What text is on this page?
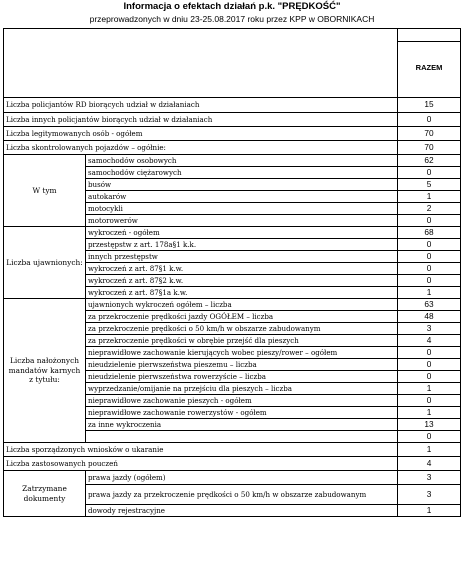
Informacja o efektach działań p.k. "PRĘDKOŚĆ"
przeprowadzonych w dniu 23-25.08.2017 roku przez KPP w OBORNIKACH

		RAZEM

Liczba policjantów RD biorących udział w działaniach		15
Liczba innych policjantów biorących udział w działaniach		0
Liczba legitymowanych osób - ogółem		70
Liczba skontrolowanych pojazdów – ogółnie:		70
W tym	samochodów osobowych	62
	samochodów ciężarowych	0
	busów	5
	autokarów	1
	motocykli	2
	motorowerów	0
Liczba ujawnionych:	wykroczeń - ogółem	68
	przestępstw z art. 178a§1 k.k.	0
	innych przestępstw	0
	wykroczeń z art. 87§1 k.w.	0
	wykroczeń z art. 87§2 k.w.	0
	wykroczeń z art. 87§1a k.w.	1
Liczba nałożonych mandatów karnych z tytułu:	ujawnionych wykroczeń ogółem – liczba	63
	za przekroczenie prędkości jazdy OGÓŁEM – liczba	48
	za przekroczenie prędkości o 50 km/h w obszarze zabudowanym	3
	za przekroczenie prędkości w obrębie przejść dla pieszych	4
	nieprawidłowe zachowanie kierujących wobec pieszy/rower – ogółem	0
	nieudzielenie pierwszeństwa pieszemu – liczba	0
	nieudzielenie pierwszeństwa rowerzyście – liczba	0
	wyprzedzanie/omijanie na przejściu dla pieszych – liczba	1
	nieprawidłowe zachowanie pieszych - ogółem	0
	nieprawidłowe zachowanie rowerzystów - ogółem	1
	za inne wykroczenia	13
		0
Liczba sporządzonych wniosków o ukaranie		1
Liczba zastosowanych pouczeń		4
Zatrzymane dokumenty	prawa jazdy (ogółem)	3
	prawa jazdy za przekroczenie prędkości o 50 km/h w obszarze zabudowanym	3
	dowody rejestracyjne	1
